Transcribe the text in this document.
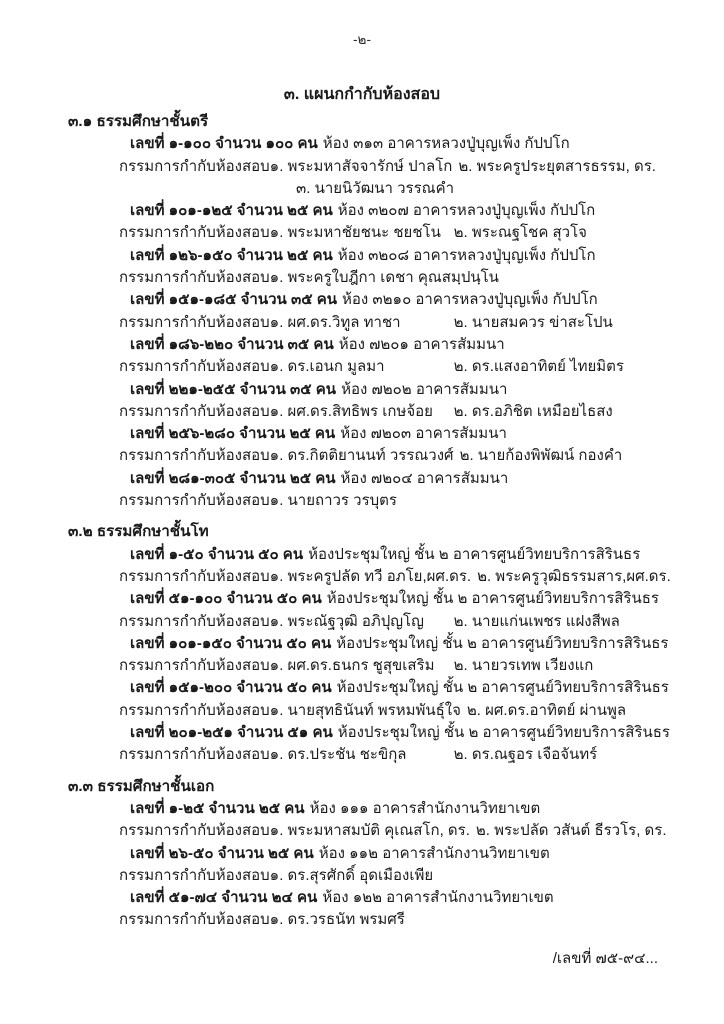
-๒-
๓. แผนกกำกับห้องสอบ
๓.๑ ธรรมศึกษาชั้นตรี
เลขที่ ๑-๑๐๐ จำนวน ๑๐๐ คน ห้อง ๓๑๓ อาคารหลวงปู่บุญเพ็ง กัปปโก
กรรมการกำกับห้องสอบ๑. พระมหาสัจจารักษ์ ปาลโก ๒. พระครูประยุตสารธรรม, ดร.
๓. นายนิวัฒนา วรรณคำ
เลขที่ ๑๐๑-๑๒๕ จำนวน ๒๕ คน ห้อง ๓๒๐๗ อาคารหลวงปู่บุญเพ็ง กัปปโก
กรรมการกำกับห้องสอบ๑. พระมหาชัยชนะ ชยชโน ๒. พระณฐโชค สุวโจ
เลขที่ ๑๒๖-๑๕๐ จำนวน ๒๕ คน ห้อง ๓๒๐๘ อาคารหลวงปู่บุญเพ็ง กัปปโก
กรรมการกำกับห้องสอบ๑. พระครูใบฎีกา เดชา คุณสมฺปนฺโน
เลขที่ ๑๕๑-๑๘๕ จำนวน ๓๕ คน ห้อง ๓๒๑๐ อาคารหลวงปู่บุญเพ็ง กัปปโก
กรรมการกำกับห้องสอบ๑. ผศ.ดร.วิทูล ทาชา	๒. นายสมควร ข่าสะโปน
เลขที่ ๑๘๖-๒๒๐ จำนวน ๓๕ คน ห้อง ๗๒๐๑ อาคารสัมมนา
กรรมการกำกับห้องสอบ๑. ดร.เอนก มูลมา	๒. ดร.แสงอาทิตย์ ไทยมิตร
เลขที่ ๒๒๑-๒๕๕ จำนวน ๓๕ คน ห้อง ๗๒๐๒ อาคารสัมมนา
กรรมการกำกับห้องสอบ๑. ผศ.ดร.สิทธิพร เกษจ้อย ๒. ดร.อภิชิต เหมือยไธสง
เลขที่ ๒๕๖-๒๘๐ จำนวน ๒๕ คน ห้อง ๗๒๐๓ อาคารสัมมนา
กรรมการกำกับห้องสอบ๑. ดร.กิตติยานนท์ วรรณวงศ์ ๒. นายก้องพิพัฒน์ กองคำ
เลขที่ ๒๘๑-๓๐๕ จำนวน ๒๕ คน ห้อง ๗๒๐๔ อาคารสัมมนา
กรรมการกำกับห้องสอบ๑. นายถาวร วรบุตร
๓.๒ ธรรมศึกษาชั้นโท
เลขที่ ๑-๕๐ จำนวน ๕๐ คน ห้องประชุมใหญ่ ชั้น ๒ อาคารศูนย์วิทยบริการสิรินธร
กรรมการกำกับห้องสอบ๑. พระครูปลัด ทวี อภโย,ผศ.ดร. ๒. พระครูวุฒิธรรมสาร,ผศ.ดร.
เลขที่ ๕๑-๑๐๐ จำนวน ๕๐ คน ห้องประชุมใหญ่ ชั้น ๒ อาคารศูนย์วิทยบริการสิรินธร
กรรมการกำกับห้องสอบ๑. พระณัฐวุฒิ อภิปุญโญ ๒. นายแก่นเพชร แฝงสีพล
เลขที่ ๑๐๑-๑๕๐ จำนวน ๕๐ คน ห้องประชุมใหญ่ ชั้น ๒ อาคารศูนย์วิทยบริการสิรินธร
กรรมการกำกับห้องสอบ๑. ผศ.ดร.ธนกร ชูสุขเสริม ๒. นายวรเทพ เวียงแก
เลขที่ ๑๕๑-๒๐๐ จำนวน ๕๐ คน ห้องประชุมใหญ่ ชั้น ๒ อาคารศูนย์วิทยบริการสิรินธร
กรรมการกำกับห้องสอบ๑. นายสุทธินันท์ พรหมพันธุ์ใจ ๒. ผศ.ดร.อาทิตย์ ผ่านพูล
เลขที่ ๒๐๑-๒๕๑ จำนวน ๕๑ คน ห้องประชุมใหญ่ ชั้น ๒ อาคารศูนย์วิทยบริการสิรินธร
กรรมการกำกับห้องสอบ๑. ดร.ประชัน ชะขิกุล	๒. ดร.ณฐอร เจือจันทร์
๓.๓ ธรรมศึกษาชั้นเอก
เลขที่ ๑-๒๕ จำนวน ๒๕ คน ห้อง ๑๑๑ อาคารสำนักงานวิทยาเขต
กรรมการกำกับห้องสอบ๑. พระมหาสมบัติ คุเณสโก, ดร. ๒. พระปลัด วสันต์ ธีรวโร, ดร.
เลขที่ ๒๖-๕๐ จำนวน ๒๕ คน ห้อง ๑๑๒ อาคารสำนักงานวิทยาเขต
กรรมการกำกับห้องสอบ๑. ดร.สุรศักดิ์ อุดเมืองเพีย
เลขที่ ๕๑-๗๔ จำนวน ๒๔ คน ห้อง ๑๒๒ อาคารสำนักงานวิทยาเขต
กรรมการกำกับห้องสอบ๑. ดร.วรธนัท พรมศรี
/เลขที่ ๗๕-๙๔...
